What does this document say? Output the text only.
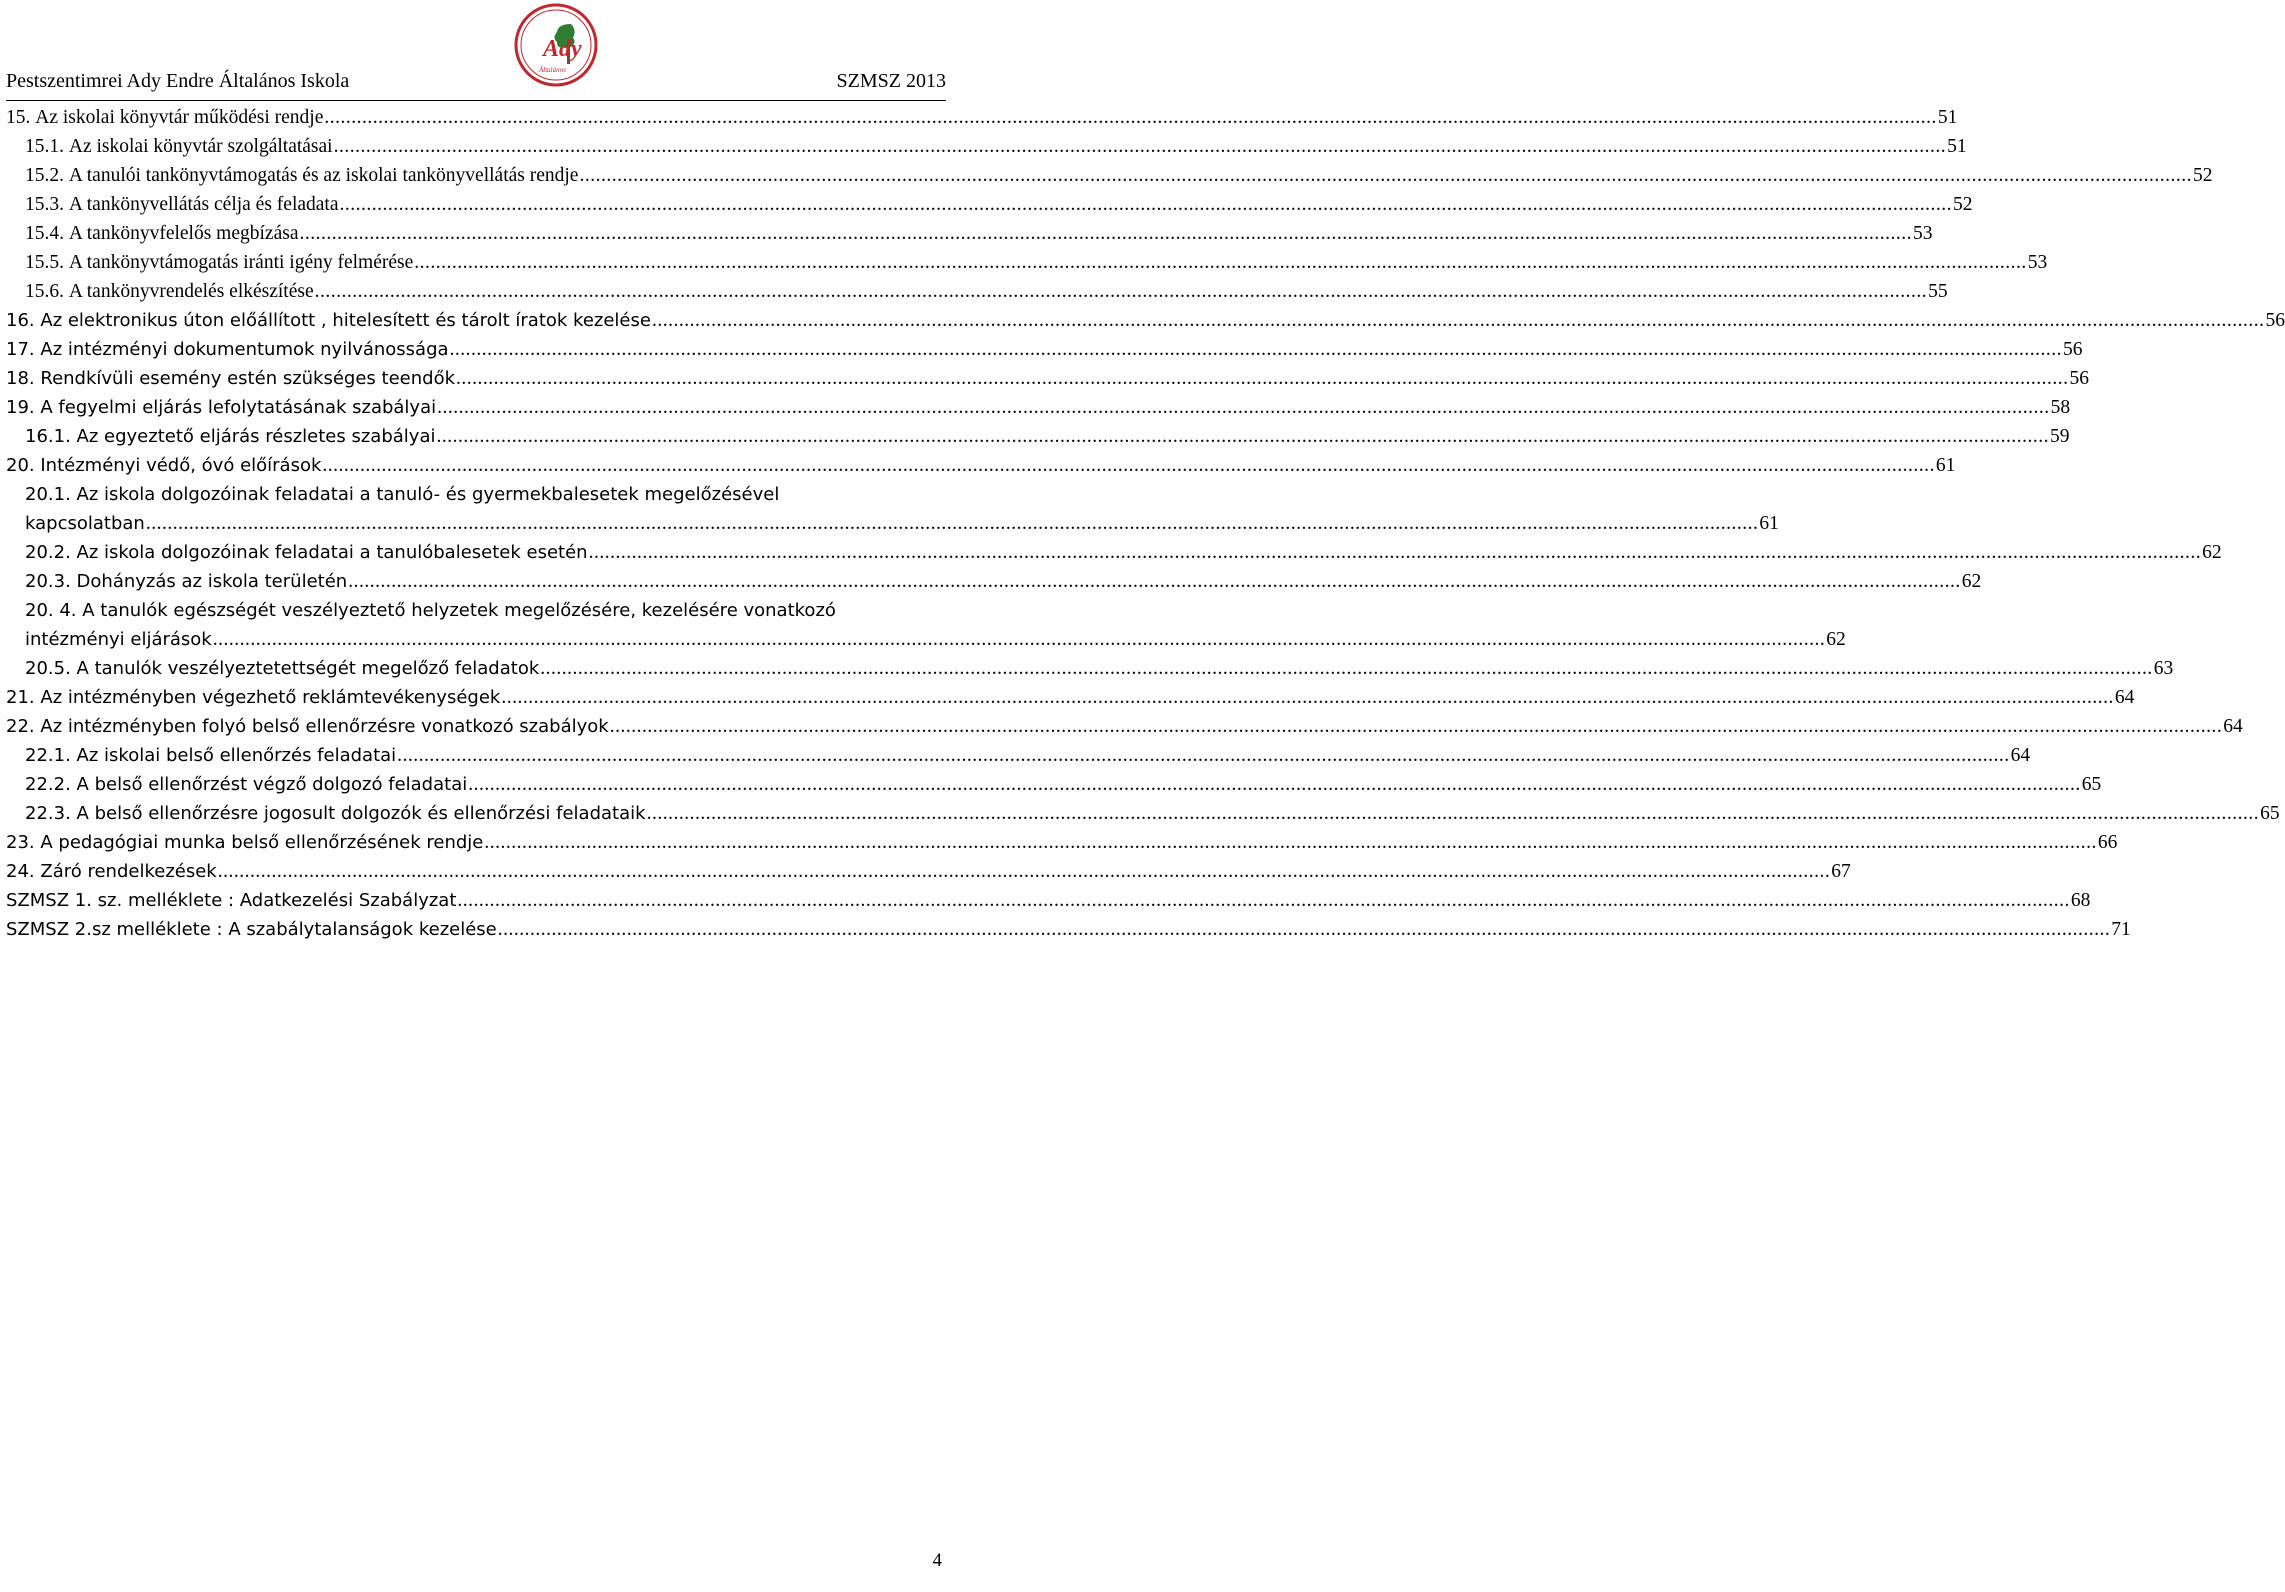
Pestszentimrei Ady Endre Általános Iskola
Ady
Általános	SZMSZ 2013
15.
Az iskolai könyvtár működési rendje ............................................................................................................................................................................................................................................................................................................ 51
15.1.
Az iskolai könyvtár szolgáltatásai ............................................................................................................................................................................................................................................................................................................ 51
15.2.
A tanulói tankönyvtámogatás és az iskolai tankönyvellátás rendje ............................................................................................................................................................................................................................................................................................................ 52
15.3.
A tankönyvellátás célja és feladata ............................................................................................................................................................................................................................................................................................................ 52
15.4.
A tankönyvfelelős megbízása ............................................................................................................................................................................................................................................................................................................ 53
15.5.
A tankönyvtámogatás iránti igény felmérése ............................................................................................................................................................................................................................................................................................................ 53
15.6.
A tankönyvrendelés elkészítése ............................................................................................................................................................................................................................................................................................................ 55
16.
Az elektronikus úton előállított , hitelesített és tárolt íratok kezelése ............................................................................................................................................................................................................................................................................................................ 56
17.
Az intézményi dokumentumok nyilvánossága ............................................................................................................................................................................................................................................................................................................ 56
18.
Rendkívüli esemény estén szükséges teendők ............................................................................................................................................................................................................................................................................................................ 56
19.
A fegyelmi eljárás lefolytatásának szabályai ............................................................................................................................................................................................................................................................................................................ 58
16.1.
Az egyeztető eljárás részletes szabályai ............................................................................................................................................................................................................................................................................................................ 59
20.
Intézményi védő, óvó előírások ............................................................................................................................................................................................................................................................................................................ 61
20.1. Az iskola dolgozóinak feladatai a tanuló- és gyermekbalesetek megelőzésével
kapcsolatban ............................................................................................................................................................................................................................................................................................................ 61
20.2.
Az iskola dolgozóinak feladatai a tanulóbalesetek esetén ............................................................................................................................................................................................................................................................................................................ 62
20.3.
Dohányzás az iskola területén ............................................................................................................................................................................................................................................................................................................ 62
20. 4. A tanulók egészségét veszélyeztető helyzetek megelőzésére, kezelésére vonatkozó
intézményi eljárások ............................................................................................................................................................................................................................................................................................................ 62
20.5.
A tanulók veszélyeztetettségét megelőző feladatok ............................................................................................................................................................................................................................................................................................................ 63
21.
Az intézményben végezhető reklámtevékenységek ............................................................................................................................................................................................................................................................................................................ 64
22.
Az intézményben folyó belső ellenőrzésre vonatkozó szabályok ............................................................................................................................................................................................................................................................................................................ 64
22.1.
Az iskolai belső ellenőrzés feladatai ............................................................................................................................................................................................................................................................................................................ 64
22.2.
A belső ellenőrzést végző dolgozó feladatai ............................................................................................................................................................................................................................................................................................................ 65
22.3.
A belső ellenőrzésre jogosult dolgozók és ellenőrzési feladataik ............................................................................................................................................................................................................................................................................................................ 65
23.
A pedagógiai munka belső ellenőrzésének rendje ............................................................................................................................................................................................................................................................................................................ 66
24.
Záró rendelkezések ............................................................................................................................................................................................................................................................................................................ 67
SZMSZ 1. sz.
melléklete : Adatkezelési Szabályzat ............................................................................................................................................................................................................................................................................................................ 68
SZMSZ 2.sz
melléklete : A szabálytalanságok kezelése ............................................................................................................................................................................................................................................................................................................ 71
4
